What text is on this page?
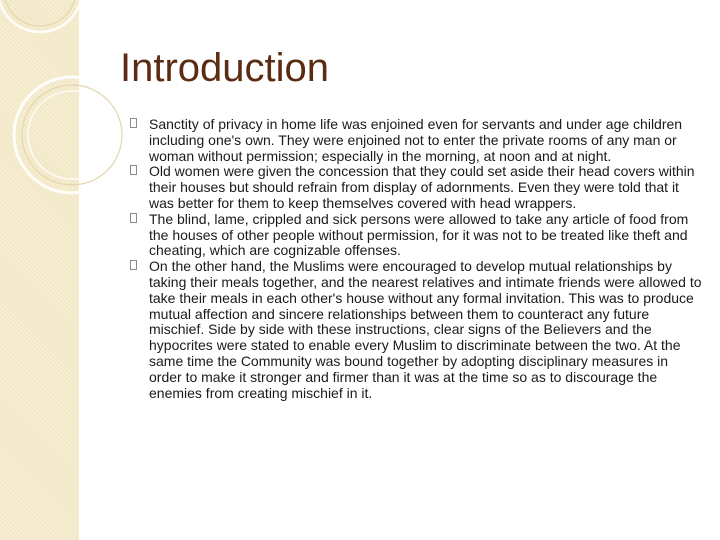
Introduction
Sanctity of privacy in home life was enjoined even for servants and under age children including one's own. They were enjoined not to enter the private rooms of any man or woman without permission; especially in the morning, at noon and at night.
Old women were given the concession that they could set aside their head covers within their houses but should refrain from display of adornments. Even they were told that it was better for them to keep themselves covered with head wrappers.
The blind, lame, crippled and sick persons were allowed to take any article of food from the houses of other people without permission, for it was not to be treated like theft and cheating, which are cognizable offenses.
On the other hand, the Muslims were encouraged to develop mutual relationships by taking their meals together, and the nearest relatives and intimate friends were allowed to take their meals in each other's house without any formal invitation. This was to produce mutual affection and sincere relationships between them to counteract any future mischief. Side by side with these instructions, clear signs of the Believers and the hypocrites were stated to enable every Muslim to discriminate between the two. At the same time the Community was bound together by adopting disciplinary measures in order to make it stronger and firmer than it was at the time so as to discourage the enemies from creating mischief in it.
